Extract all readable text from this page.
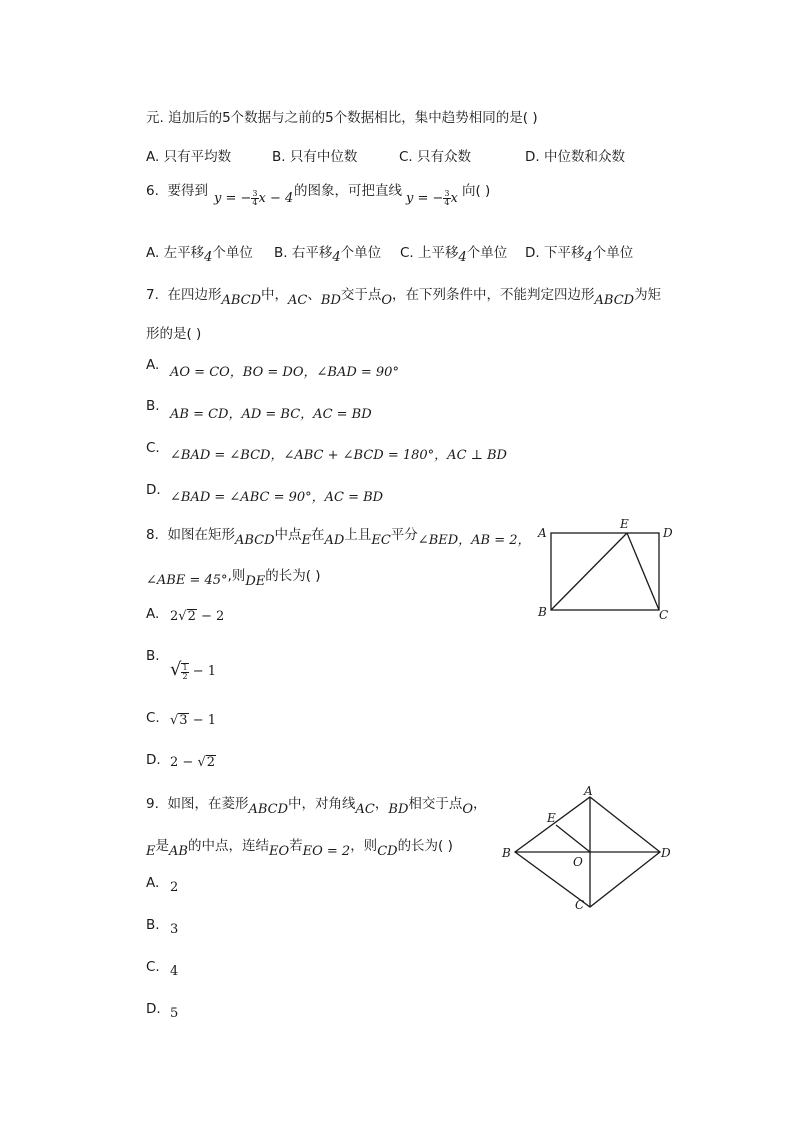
元. 追加后的5个数据与之前的5个数据相比，集中趋势相同的是( )
A. 只有平均数	B. 只有中位数	C. 只有众数	D. 中位数和众数
6. 要得到 y = − $\frac{3}{4}$ x − 4 的图象，可把直线 y = − $\frac{3}{4}$ x 向( )
A. 左平移4个单位 B. 右平移4个单位 C. 上平移4个单位 D. 下平移4个单位
7. 在四边形ABCD中，AC、BD交于点O，在下列条件中，不能判定四边形ABCD为矩
形的是( )
A. AO = CO，BO = DO，∠BAD = 90°
B.
AB = CD，AD = BC，AC = BD
C. ∠BAD = ∠BCD，∠ABC + ∠BCD = 180°，AC ⊥ BD
D. ∠BAD = ∠ABC = 90°，AC = BD
8. 如图在矩形ABCD中点E在AD上且EC平分∠BED，AB = 2，
∠ABE = 45°,则DE的长为( )
A. 2√2 − 2
B.
√ $\frac{1}{2} - 1$
C. √3 − 1
D. 2 − √2
A
E
D
B	C
9. 如图，在菱形ABCD中，对角线AC，BD相交于点O，
E是AB的中点，连结EO若EO = 2，则CD的长为( )
A. 2
B. 3
C. 4
D. 5
A
E
B	D
O
C
